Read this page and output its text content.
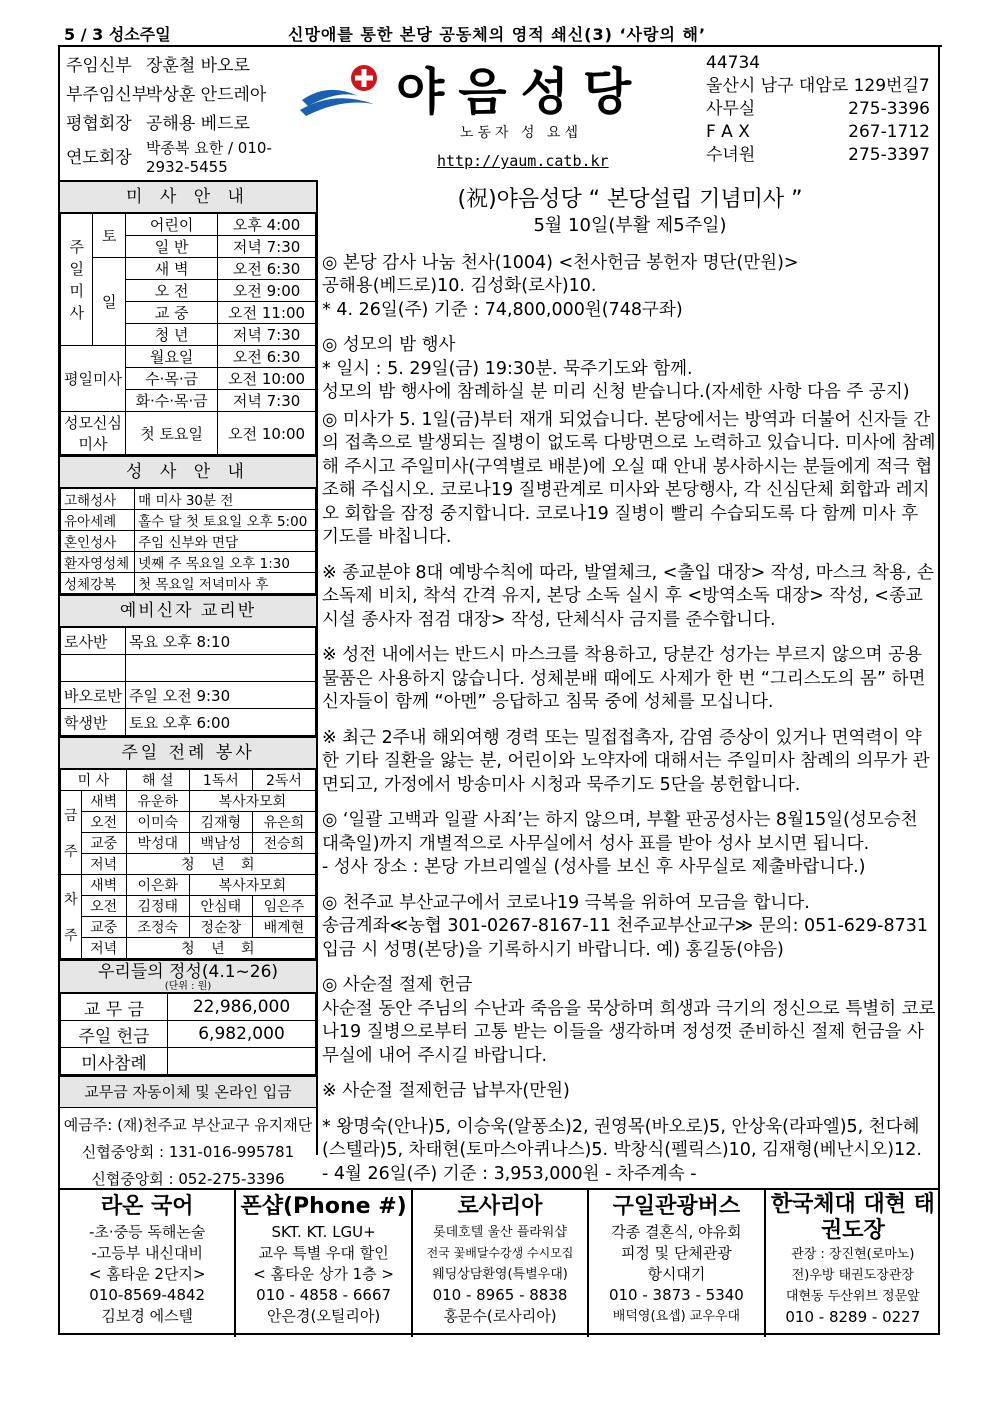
5 / 3 성소주일	신망애를 통한 본당 공동체의 영적 쇄신(3) ‘사랑의 해’
주임신부 장훈철 바오로
부주임신부
박상훈 안드레아
평협회장 공해용 베드로
연도회장 박종복 요한 / 010-2932-5455
야음성당
노동자 성 요셉
http://yaum.catb.kr
44734
울산시 남구 대암로 129번길7
사무실	275-3396
F A X	267-1712
수녀원	275-3397
미 사 안 내
주
일
미
사	토	어린이	오후 4:00
		일 반	저녁 7:30
	일	새 벽	오전 6:30
		오 전	오전 9:00
		교 중	오전 11:00
		청 년	저녁 7:30
평일미사		월요일	오전 6:30
		수·목·금	오전 10:00
		화·수·목·금	저녁 7:30
성모신심미사		첫 토요일	오전 10:00
성 사 안 내
고해성사	매 미사 30분 전
유아세례	홀수 달 첫 토요일 오후 5:00
혼인성사	주임 신부와 면담
환자영성체	넷째 주 목요일 오후 1:30
성체강복	첫 목요일 저녁미사 후
예비신자 교리반
로사반	목요 오후 8:10

바오로반	주일 오전 9:30
학생반	토요 오후 6:00
주일 전례 봉사
미 사		해 설	1독서	2독서
금

주	새벽	유운하	복사자모회	
	오전	이미숙	김재형	유은희
	교중	박성대	백남성	전승희
	저녁	청 년 회		
차

주	새벽	이은화	복사자모회	
	오전	김정태	안심태	임은주
	교중	조정숙	정순창	배계현
	저녁	청 년 회		
우리들의 정성(4.1~26)
(단위 : 원)
교 무 금	22,986,000
주일 헌금	6,982,000
미사참례	
교무금 자동이체 및 온라인 입금
예금주: (재)천주교 부산교구 유지재단
신협중앙회 : 131-016-995781
신협중앙회 : 052-275-3396
(祝)야음성당 “ 본당설립 기념미사 ”
5월 10일(부활 제5주일)
◎ 본당 감사 나눔 천사(1004) <천사헌금 봉헌자 명단(만원)>
공해용(베드로)10. 김성화(로사)10.
* 4. 26일(주) 기준 : 74,800,000원(748구좌)
◎ 성모의 밤 행사
* 일시 : 5. 29일(금) 19:30분. 묵주기도와 함께.
성모의 밤 행사에 참례하실 분 미리 신청 받습니다.(자세한 사항 다음 주 공지)
◎ 미사가 5. 1일(금)부터 재개 되었습니다. 본당에서는 방역과 더불어 신자들 간의 접촉으로 발생되는 질병이 없도록 다방면으로 노력하고 있습니다. 미사에 참례해 주시고 주일미사(구역별로 배분)에 오실 때 안내 봉사하시는 분들에게 적극 협조해 주십시오. 코로나19 질병관계로 미사와 본당행사, 각 신심단체 회합과 레지오 회합을 잠정 중지합니다. 코로나19 질병이 빨리 수습되도록 다 함께 미사 후 기도를 바칩니다.
※ 종교분야 8대 예방수칙에 따라, 발열체크, <출입 대장> 작성, 마스크 착용, 손 소독제 비치, 착석 간격 유지, 본당 소독 실시 후 <방역소독 대장> 작성, <종교시설 종사자 점검 대장> 작성, 단체식사 금지를 준수합니다.
※ 성전 내에서는 반드시 마스크를 착용하고, 당분간 성가는 부르지 않으며 공용 물품은 사용하지 않습니다. 성체분배 때에도 사제가 한 번 “그리스도의 몸” 하면 신자들이 함께 “아멘” 응답하고 침묵 중에 성체를 모십니다.
※ 최근 2주내 해외여행 경력 또는 밀접접촉자, 감염 증상이 있거나 면역력이 약한 기타 질환을 앓는 분, 어린이와 노약자에 대해서는 주일미사 참례의 의무가 관면되고, 가정에서 방송미사 시청과 묵주기도 5단을 봉헌합니다.
◎ ‘일괄 고백과 일괄 사죄’는 하지 않으며, 부활 판공성사는 8월15일(성모승천 대축일)까지 개별적으로 사무실에서 성사 표를 받아 성사 보시면 됩니다.
- 성사 장소 : 본당 가브리엘실 (성사를 보신 후 사무실로 제출바랍니다.)
◎ 천주교 부산교구에서 코로나19 극복을 위하여 모금을 합니다.
송금계좌≪농협 301-0267-8167-11 천주교부산교구≫ 문의: 051-629-8731
입금 시 성명(본당)을 기록하시기 바랍니다. 예) 홍길동(야음)
◎ 사순절 절제 헌금
사순절 동안 주님의 수난과 죽음을 묵상하며 희생과 극기의 정신으로 특별히 코로나19 질병으로부터 고통 받는 이들을 생각하며 정성껏 준비하신 절제 헌금을 사무실에 내어 주시길 바랍니다.
※ 사순절 절제헌금 납부자(만원)
* 왕명숙(안나)5, 이승욱(알퐁소)2, 권영목(바오로)5, 안상욱(라파엘)5, 천다혜(스텔라)5, 차태현(토마스아퀴나스)5. 박창식(펠릭스)10, 김재형(베난시오)12.
- 4월 26일(주) 기준 : 3,953,000원 - 차주계속 -
라온 국어
-초·중등 독해논술
-고등부 내신대비
< 홈타운 2단지>
010-8569-4842
김보경 에스텔
폰샵(Phone #)
SKT. KT. LGU+
교우 특별 우대 할인
< 홈타운 상가 1층 >
010 - 4858 - 6667
안은경(오틸리아)
로사리아
롯데호텔 울산 플라워샵
전국 꽃배달수강생 수시모집
웨딩상담환영(특별우대)
010 - 8965 - 8838
홍문수(로사리아)
구일관광버스
각종 결혼식, 야유회
피정 및 단체관광
항시대기
010 - 3873 - 5340
배덕영(요셉) 교우우대
한국체대 대현 태권도장
관장 : 장진현(로마노)
전)우방 태권도장관장
대현동 두산위브 정문앞
010 - 8289 - 0227
